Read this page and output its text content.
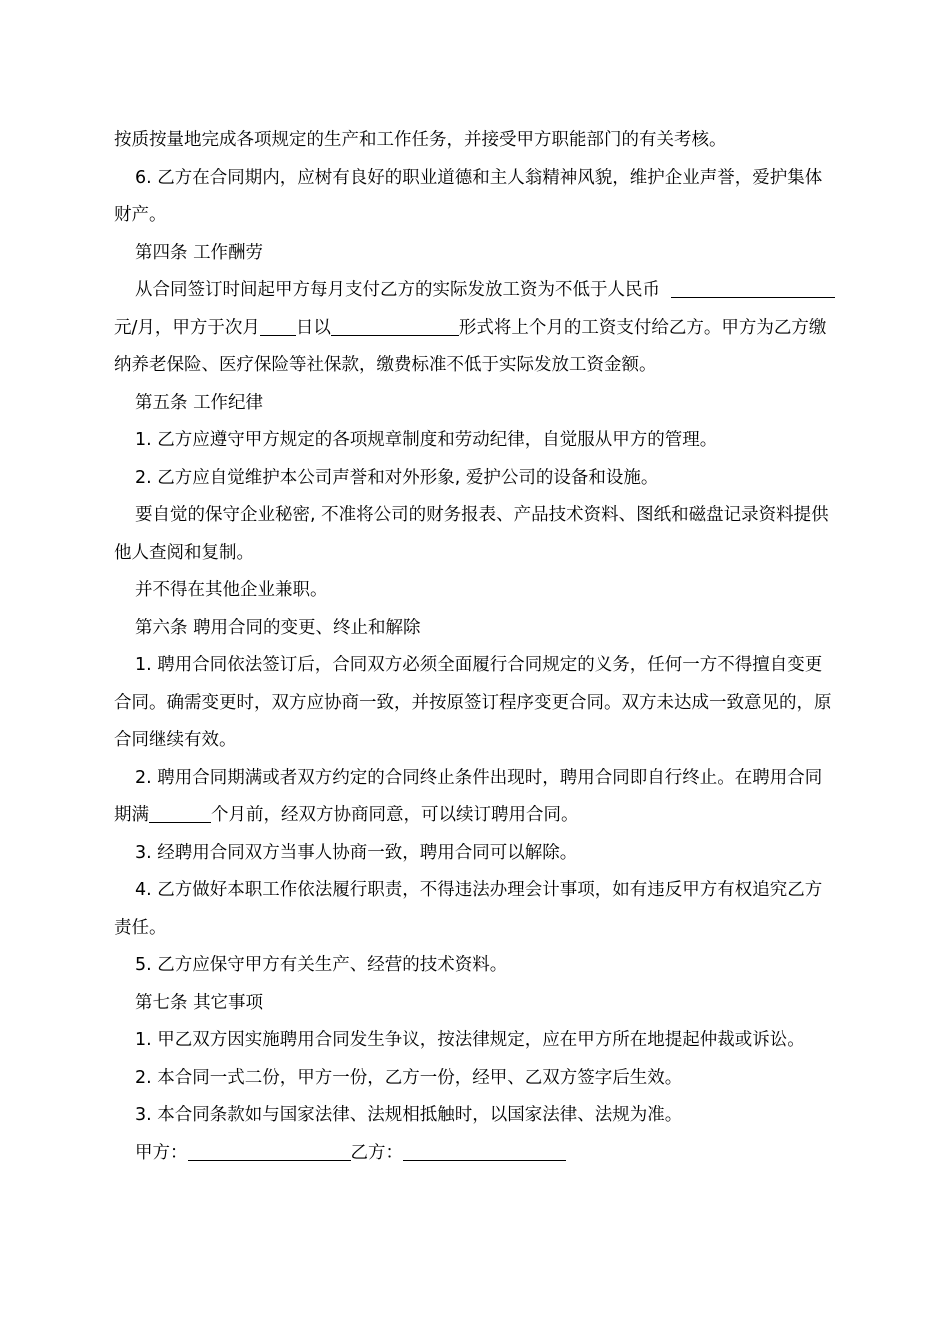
按质按量地完成各项规定的生产和工作任务，并接受甲方职能部门的有关考核。

6. 乙方在合同期内，应树有良好的职业道德和主人翁精神风貌，维护企业声誉，爱护集体财产。

第四条 工作酬劳

从合同签订时间起甲方每月支付乙方的实际发放工资为不低于人民币  元/月，甲方于次月 日以	形式将上个月的工资支付给乙方。甲方为乙方缴纳养老保险、医疗保险等社保款，缴费标准不低于实际发放工资金额。

第五条 工作纪律

1. 乙方应遵守甲方规定的各项规章制度和劳动纪律，自觉服从甲方的管理。

2. 乙方应自觉维护本公司声誉和对外形象, 爱护公司的设备和设施。

要自觉的保守企业秘密, 不准将公司的财务报表、产品技术资料、图纸和磁盘记录资料提供他人查阅和复制。

并不得在其他企业兼职。

第六条 聘用合同的变更、终止和解除

1. 聘用合同依法签订后，合同双方必须全面履行合同规定的义务，任何一方不得擅自变更合同。确需变更时，双方应协商一致，并按原签订程序变更合同。双方未达成一致意见的，原合同继续有效。

2. 聘用合同期满或者双方约定的合同终止条件出现时，聘用合同即自行终止。在聘用合同期满	个月前，经双方协商同意，可以续订聘用合同。

3. 经聘用合同双方当事人协商一致，聘用合同可以解除。

4. 乙方做好本职工作依法履行职责，不得违法办理会计事项，如有违反甲方有权追究乙方责任。

5. 乙方应保守甲方有关生产、经营的技术资料。

第七条 其它事项

1. 甲乙双方因实施聘用合同发生争议，按法律规定，应在甲方所在地提起仲裁或诉讼。

2. 本合同一式二份，甲方一份，乙方一份，经甲、乙双方签字后生效。

3. 本合同条款如与国家法律、法规相抵触时，以国家法律、法规为准。

甲方：	乙方：
